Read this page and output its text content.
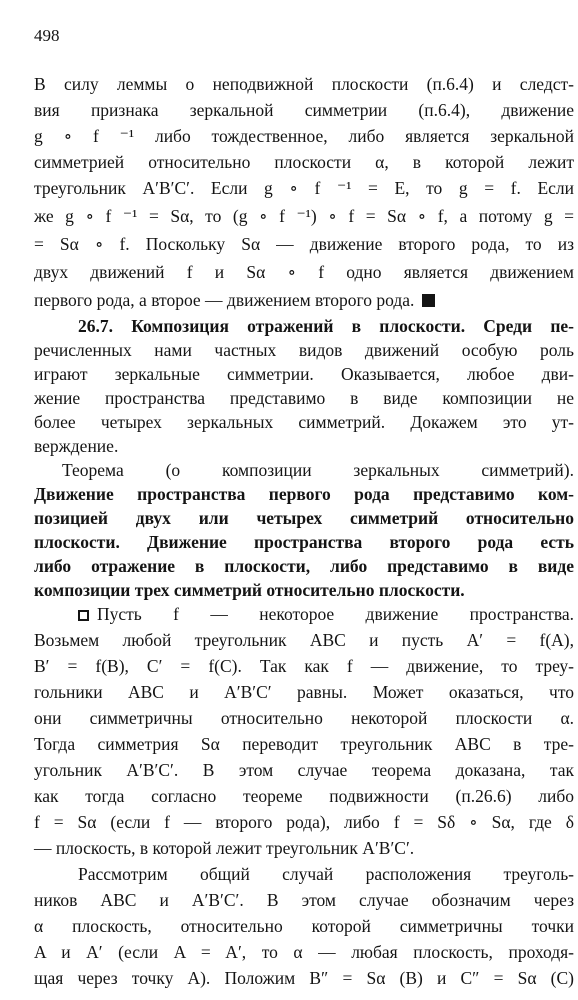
498
В силу леммы о неподвижной плоскости (п.6.4) и следст-
вия признака зеркальной симметрии (п.6.4), движение
g ∘ f ⁻¹ либо тождественное, либо является зеркальной
симметрией относительно плоскости α, в которой лежит
треугольник A′B′C′. Если g ∘ f ⁻¹ = E, то g = f. Если
же g ∘ f ⁻¹ = Sα, то (g ∘ f ⁻¹) ∘ f = Sα ∘ f, а потому g =
= Sα ∘ f. Поскольку Sα — движение второго рода, то из
двух движений f и Sα ∘ f одно является движением
первого рода, а второе — движением второго рода.
26.7. Композиция отражений в плоскости. Среди пе-
речисленных нами частных видов движений особую роль
играют зеркальные симметрии. Оказывается, любое дви-
жение пространства представимо в виде композиции не
более четырех зеркальных симметрий. Докажем это ут-
верждение.
Теорема (о композиции зеркальных симметрий).
Движение пространства первого рода представимо ком-
позицией двух или четырех симметрий относительно
плоскости. Движение пространства второго рода есть
либо отражение в плоскости, либо представимо в виде
композиции трех симметрий относительно плоскости.
Пусть f — некоторое движение пространства.
Возьмем любой треугольник ABC и пусть A′ = f(A),
B′ = f(B), C′ = f(C). Так как f — движение, то треу-
гольники ABC и A′B′C′ равны. Может оказаться, что
они симметричны относительно некоторой плоскости α.
Тогда симметрия Sα переводит треугольник ABC в тре-
угольник A′B′C′. В этом случае теорема доказана, так
как тогда согласно теореме подвижности (п.26.6) либо
f = Sα (если f — второго рода), либо f = Sδ ∘ Sα, где δ
— плоскость, в которой лежит треугольник A′B′C′.
Рассмотрим общий случай расположения треуголь-
ников ABC и A′B′C′. В этом случае обозначим через
α плоскость, относительно которой симметричны точки
A и A′ (если A = A′, то α — любая плоскость, проходя-
щая через точку A). Положим B″ = Sα (B) и C″ = Sα (C)
